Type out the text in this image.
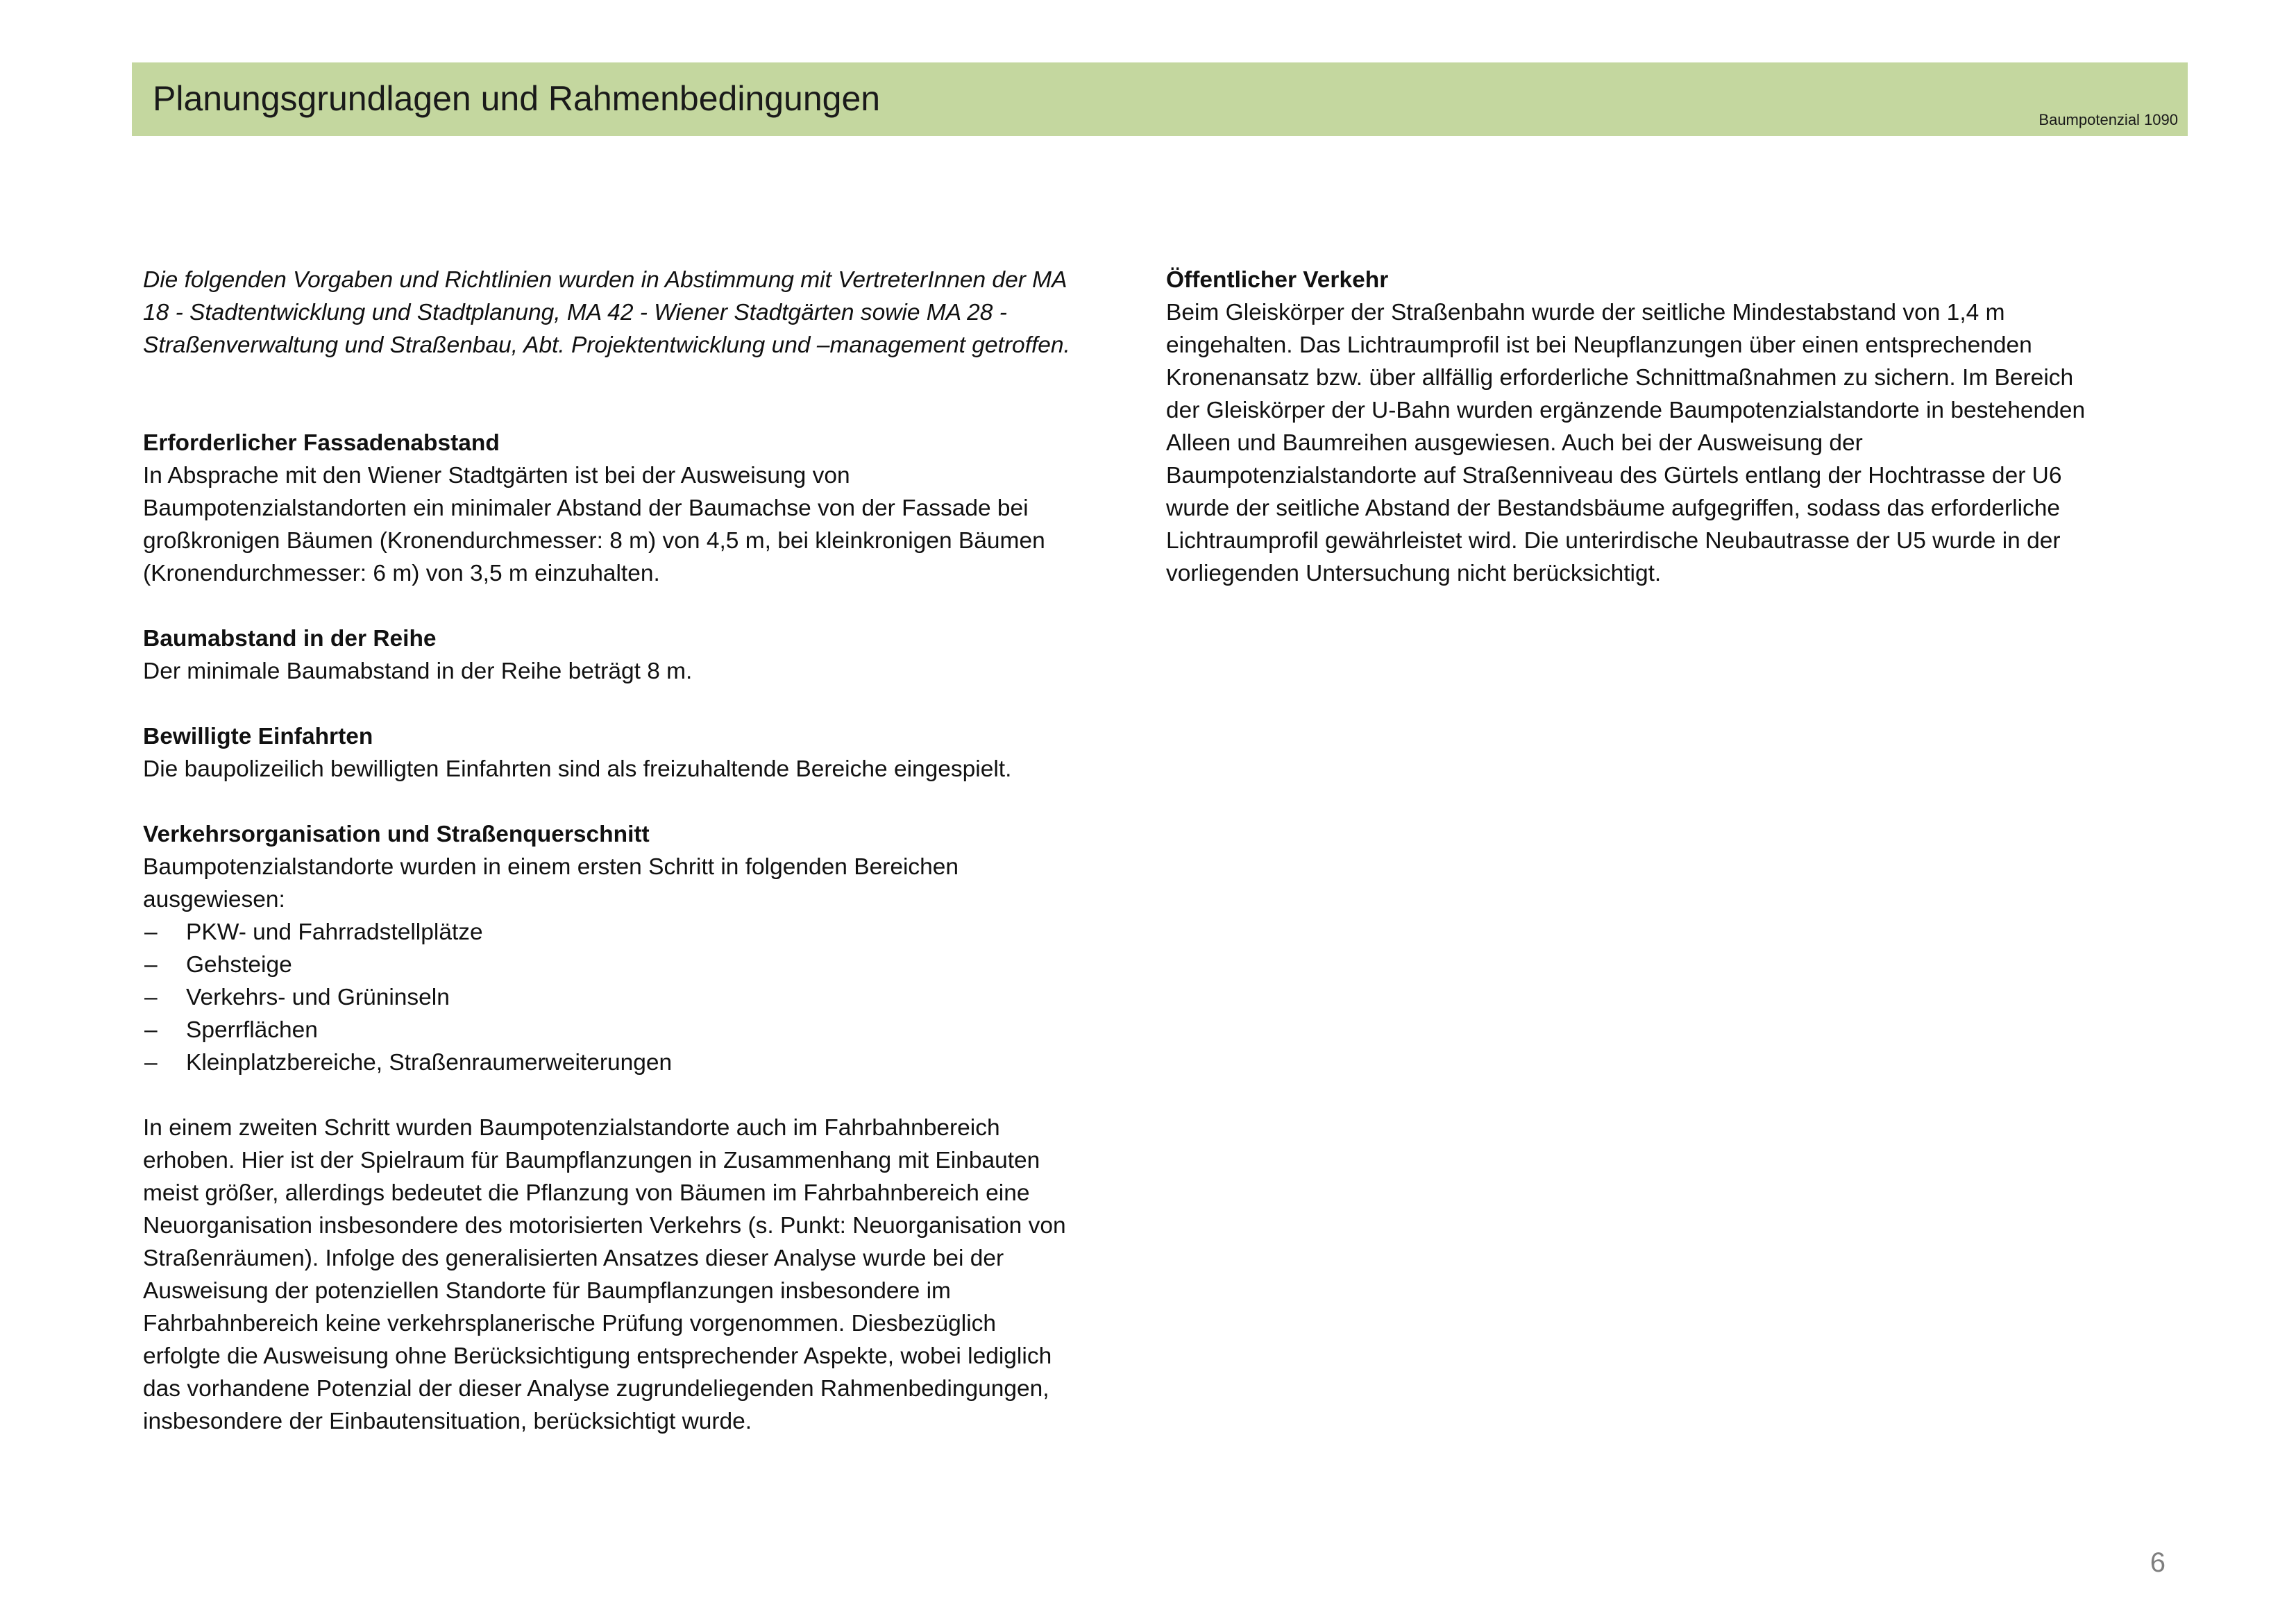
Planungsgrundlagen und Rahmenbedingungen
Baumpotenzial 1090

Die folgenden Vorgaben und Richtlinien wurden in Abstimmung mit VertreterInnen der MA 18 - Stadtentwicklung und Stadtplanung, MA 42 - Wiener Stadtgärten sowie MA 28 - Straßenverwaltung und Straßenbau, Abt. Projektentwicklung und –management getroffen.

Erforderlicher Fassadenabstand

In Absprache mit den Wiener Stadtgärten ist bei der Ausweisung von Baumpotenzialstandorten ein minimaler Abstand der Baumachse von der Fassade bei großkronigen Bäumen (Kronendurchmesser: 8 m) von 4,5 m, bei kleinkronigen Bäumen (Kronendurchmesser: 6 m) von 3,5 m einzuhalten.

Baumabstand in der Reihe

Der minimale Baumabstand in der Reihe beträgt 8 m.

Bewilligte Einfahrten

Die baupolizeilich bewilligten Einfahrten sind als freizuhaltende Bereiche eingespielt.

Verkehrsorganisation und Straßenquerschnitt

Baumpotenzialstandorte wurden in einem ersten Schritt in folgenden Bereichen ausgewiesen:

– PKW- und Fahrradstellplätze
– Gehsteige
– Verkehrs- und Grüninseln
– Sperrflächen
– Kleinplatzbereiche, Straßenraumerweiterungen

In einem zweiten Schritt wurden Baumpotenzialstandorte auch im Fahrbahnbereich erhoben. Hier ist der Spielraum für Baumpflanzungen in Zusammenhang mit Einbauten meist größer, allerdings bedeutet die Pflanzung von Bäumen im Fahrbahnbereich eine Neuorganisation insbesondere des motorisierten Verkehrs (s. Punkt: Neuorganisation von Straßenräumen). Infolge des generalisierten Ansatzes dieser Analyse wurde bei der Ausweisung der potenziellen Standorte für Baumpflanzungen insbesondere im Fahrbahnbereich keine verkehrsplanerische Prüfung vorgenommen. Diesbezüglich erfolgte die Ausweisung ohne Berücksichtigung entsprechender Aspekte, wobei lediglich das vorhandene Potenzial der dieser Analyse zugrundeliegenden Rahmenbedingungen, insbesondere der Einbautensituation, berücksichtigt wurde.

Öffentlicher Verkehr

Beim Gleiskörper der Straßenbahn wurde der seitliche Mindestabstand von 1,4 m eingehalten. Das Lichtraumprofil ist bei Neupflanzungen über einen entsprechenden Kronenansatz bzw. über allfällig erforderliche Schnittmaßnahmen zu sichern. Im Bereich der Gleiskörper der U-Bahn wurden ergänzende Baumpotenzialstandorte in bestehenden Alleen und Baumreihen ausgewiesen. Auch bei der Ausweisung der Baumpotenzialstandorte auf Straßenniveau des Gürtels entlang der Hochtrasse der U6 wurde der seitliche Abstand der Bestandsbäume aufgegriffen, sodass das erforderliche Lichtraumprofil gewährleistet wird. Die unterirdische Neubautrasse der U5 wurde in der vorliegenden Untersuchung nicht berücksichtigt.

6
